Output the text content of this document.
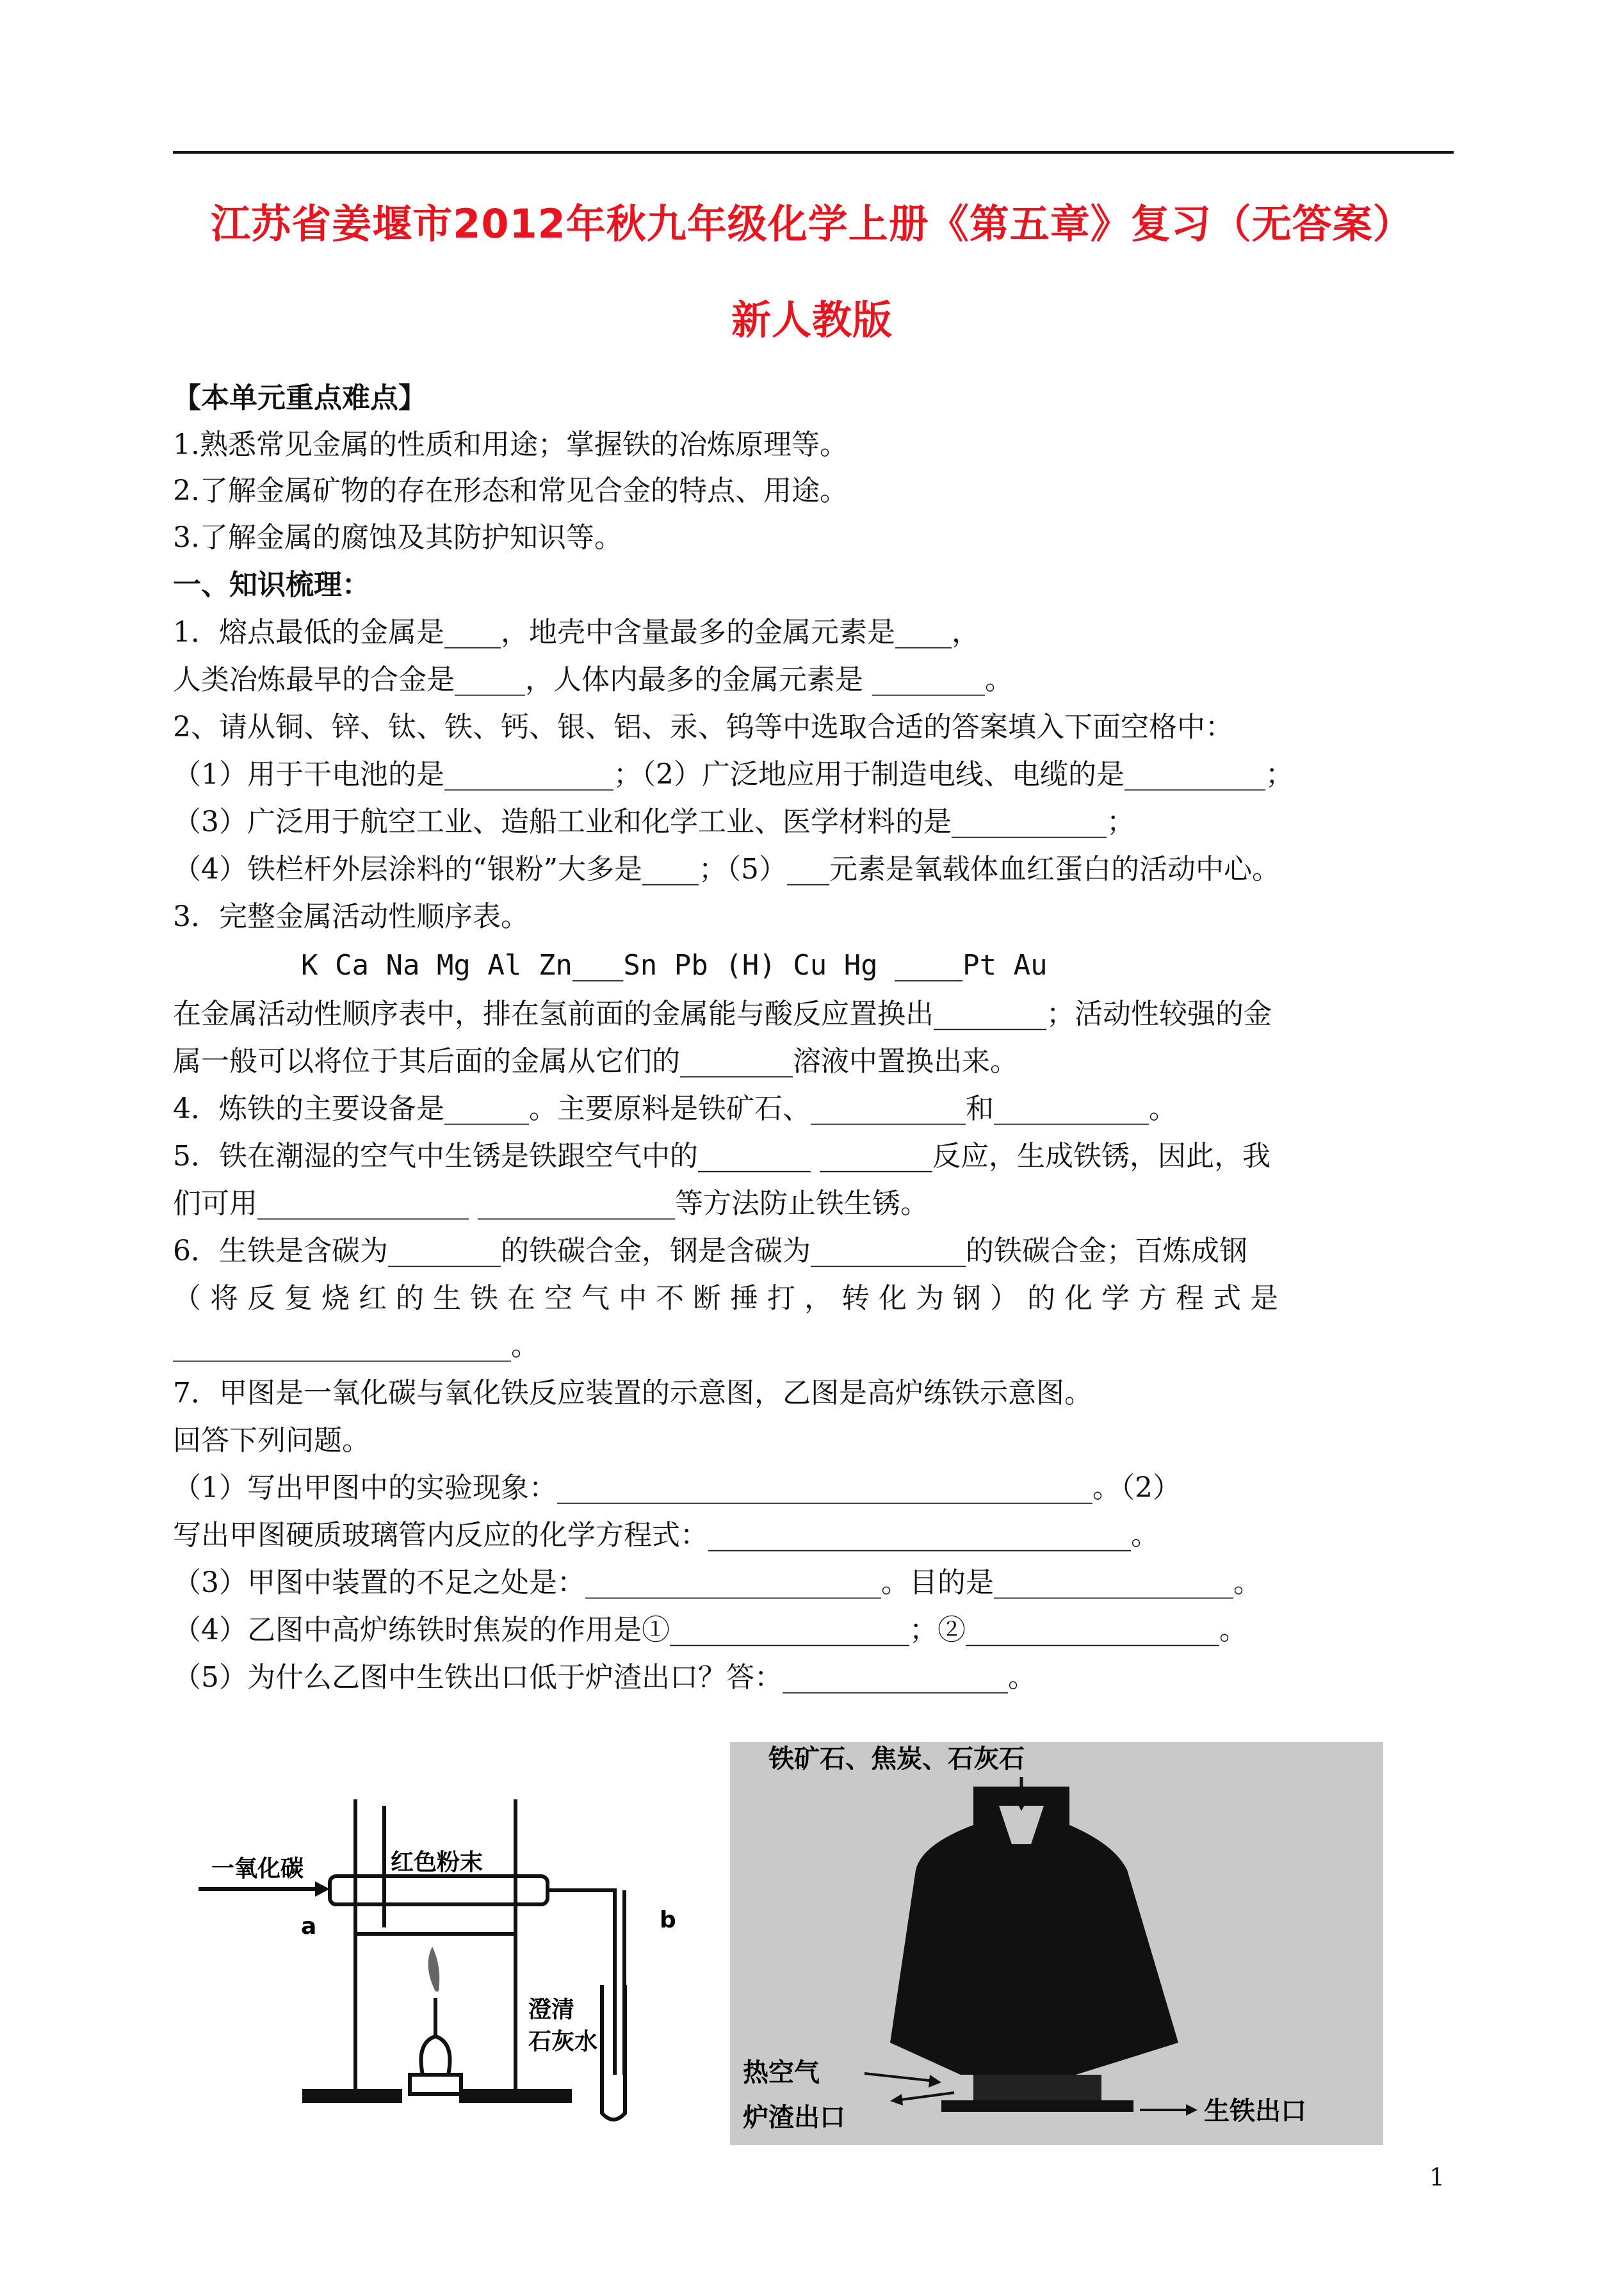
江苏省姜堰市2012年秋九年级化学上册《第五章》复习（无答案）
新人教版
【本单元重点难点】
1.熟悉常见金属的性质和用途；掌握铁的冶炼原理等。
2.了解金属矿物的存在形态和常见合金的特点、用途。
3.了解金属的腐蚀及其防护知识等。
一、知识梳理：
1．熔点最低的金属是____，地壳中含量最多的金属元素是____，
人类冶炼最早的合金是_____，人体内最多的金属元素是 ________。
2、请从铜、锌、钛、铁、钙、银、铝、汞、钨等中选取合适的答案填入下面空格中：
（1）用于干电池的是____________；（2）广泛地应用于制造电线、电缆的是__________；
（3）广泛用于航空工业、造船工业和化学工业、医学材料的是___________；
（4）铁栏杆外层涂料的“银粉”大多是____；（5）___元素是氧载体血红蛋白的活动中心。
3．完整金属活动性顺序表。
K Ca Na Mg Al Zn___Sn Pb (H) Cu Hg ____Pt Au
在金属活动性顺序表中，排在氢前面的金属能与酸反应置换出________；活动性较强的金
属一般可以将位于其后面的金属从它们的________溶液中置换出来。
4．炼铁的主要设备是______。主要原料是铁矿石、___________和___________。
5．铁在潮湿的空气中生锈是铁跟空气中的________ ________反应，生成铁锈，因此，我
们可用_______________ ______________等方法防止铁生锈。
6．生铁是含碳为________的铁碳合金，钢是含碳为___________的铁碳合金；百炼成钢
（将反复烧红的生铁在空气中不断捶打，转化为钢）的化学方程式是
________________________。
7．甲图是一氧化碳与氧化铁反应装置的示意图，乙图是高炉练铁示意图。
回答下列问题。
（1）写出甲图中的实验现象：______________________________________。（2）
写出甲图硬质玻璃管内反应的化学方程式：______________________________。
（3）甲图中装置的不足之处是：_____________________。目的是_________________。
（4）乙图中高炉练铁时焦炭的作用是①_________________；②__________________。
（5）为什么乙图中生铁出口低于炉渣出口？答：________________。
一氧化碳	红色粉末
a	b
澄清
石灰水
铁矿石、焦炭、石灰石
热空气
炉渣出口	生铁出口
1
